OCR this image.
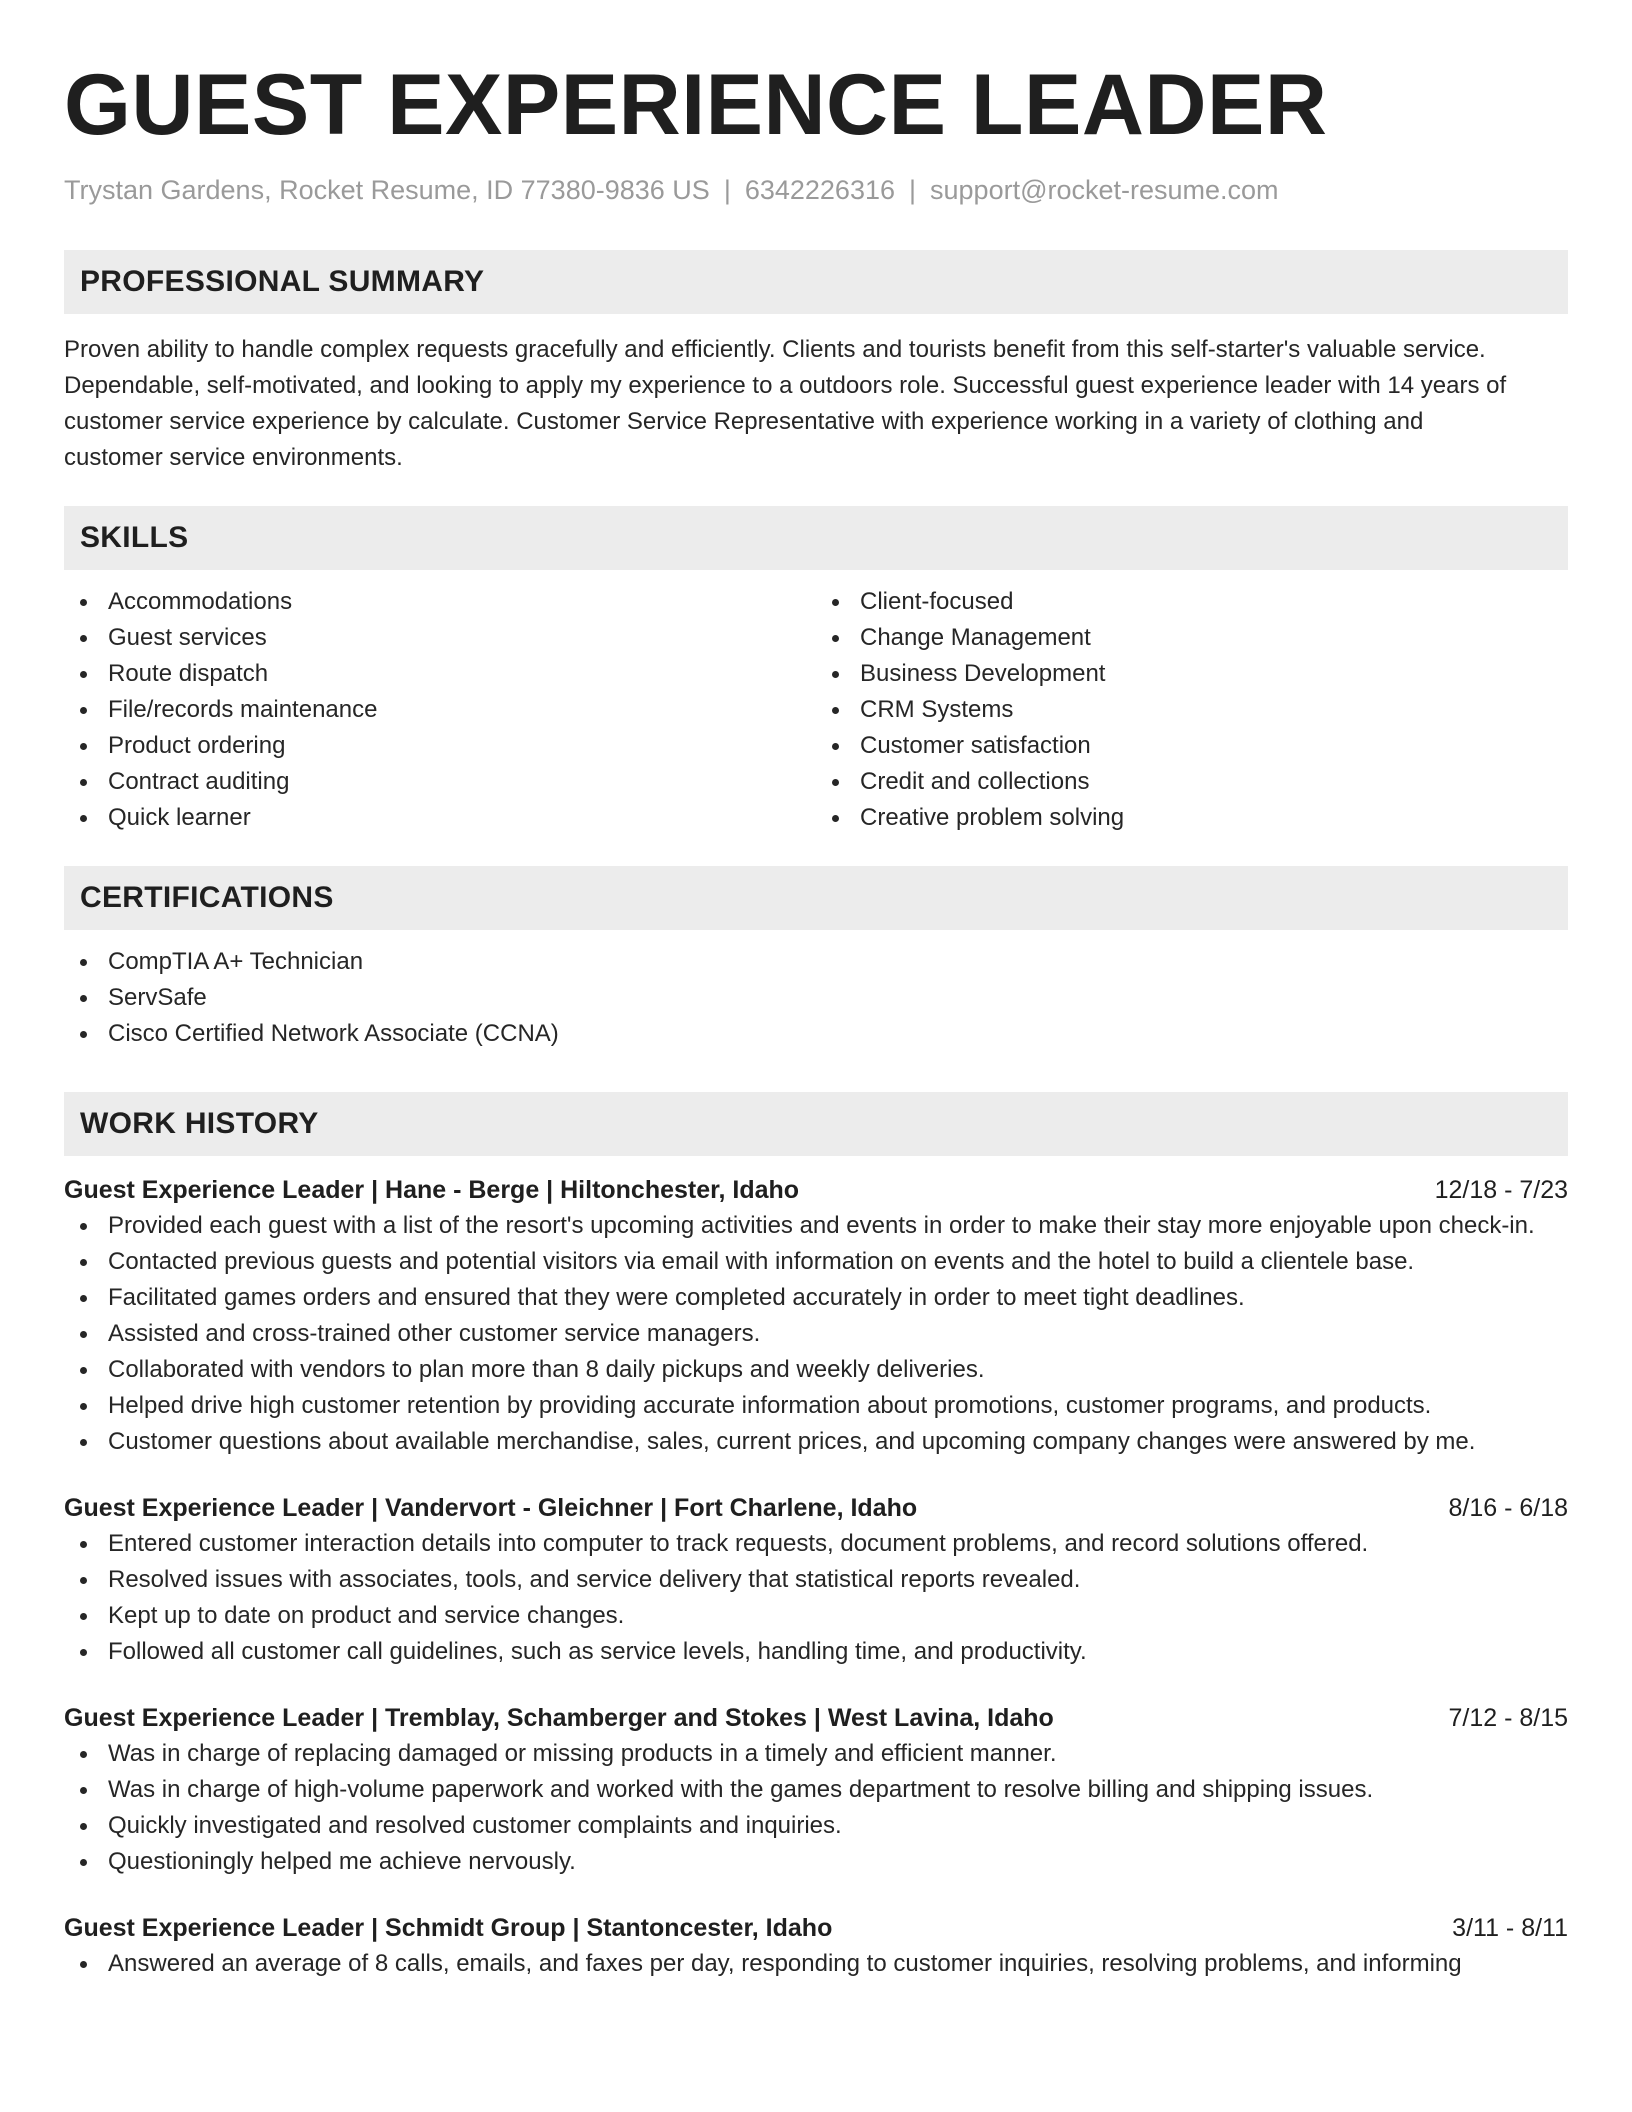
GUEST EXPERIENCE LEADER
Trystan Gardens, Rocket Resume, ID 77380-9836 US | 6342226316 | support@rocket-resume.com
PROFESSIONAL SUMMARY
Proven ability to handle complex requests gracefully and efficiently. Clients and tourists benefit from this self-starter's valuable service.
Dependable, self-motivated, and looking to apply my experience to a outdoors role. Successful guest experience leader with 14 years of
customer service experience by calculate. Customer Service Representative with experience working in a variety of clothing and
customer service environments.
SKILLS
Accommodations
Guest services
Route dispatch
File/records maintenance
Product ordering
Contract auditing
Quick learner
Client-focused
Change Management
Business Development
CRM Systems
Customer satisfaction
Credit and collections
Creative problem solving
CERTIFICATIONS
CompTIA A+ Technician
ServSafe
Cisco Certified Network Associate (CCNA)
WORK HISTORY
Guest Experience Leader | Hane - Berge | Hiltonchester, Idaho	12/18 - 7/23
Provided each guest with a list of the resort's upcoming activities and events in order to make their stay more enjoyable upon check-in.
Contacted previous guests and potential visitors via email with information on events and the hotel to build a clientele base.
Facilitated games orders and ensured that they were completed accurately in order to meet tight deadlines.
Assisted and cross-trained other customer service managers.
Collaborated with vendors to plan more than 8 daily pickups and weekly deliveries.
Helped drive high customer retention by providing accurate information about promotions, customer programs, and products.
Customer questions about available merchandise, sales, current prices, and upcoming company changes were answered by me.
Guest Experience Leader | Vandervort - Gleichner | Fort Charlene, Idaho	8/16 - 6/18
Entered customer interaction details into computer to track requests, document problems, and record solutions offered.
Resolved issues with associates, tools, and service delivery that statistical reports revealed.
Kept up to date on product and service changes.
Followed all customer call guidelines, such as service levels, handling time, and productivity.
Guest Experience Leader | Tremblay, Schamberger and Stokes | West Lavina, Idaho	7/12 - 8/15
Was in charge of replacing damaged or missing products in a timely and efficient manner.
Was in charge of high-volume paperwork and worked with the games department to resolve billing and shipping issues.
Quickly investigated and resolved customer complaints and inquiries.
Questioningly helped me achieve nervously.
Guest Experience Leader | Schmidt Group | Stantoncester, Idaho	3/11 - 8/11
Answered an average of 8 calls, emails, and faxes per day, responding to customer inquiries, resolving problems, and informing
